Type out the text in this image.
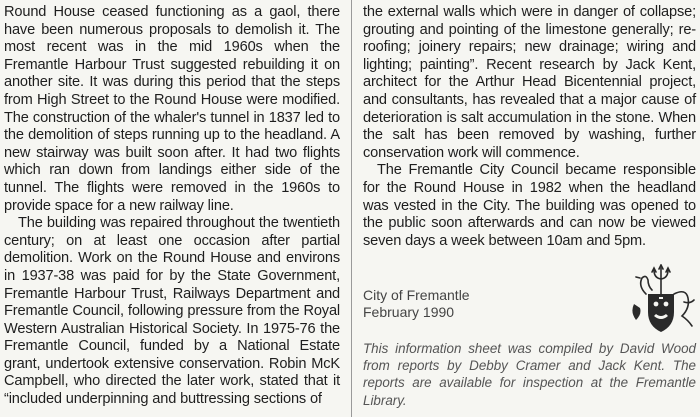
Round House ceased functioning as a gaol, there have been numerous proposals to demolish it. The most recent was in the mid 1960s when the Fremantle Harbour Trust suggested rebuilding it on another site. It was during this period that the steps from High Street to the Round House were modified. The construction of the whaler's tunnel in 1837 led to the demolition of steps running up to the headland. A new stairway was built soon after. It had two flights which ran down from landings either side of the tunnel. The flights were removed in the 1960s to provide space for a new railway line.

The building was repaired throughout the twentieth century; on at least one occasion after partial demolition. Work on the Round House and environs in 1937-38 was paid for by the State Government, Fremantle Harbour Trust, Railways Department and Fremantle Council, following pressure from the Royal Western Australian Historical Society. In 1975-76 the Fremantle Council, funded by a National Estate grant, undertook extensive conservation. Robin McK Campbell, who directed the later work, stated that it “included underpinning and buttressing sections of

the external walls which were in danger of collapse; grouting and pointing of the limestone generally; re-roofing; joinery repairs; new drainage; wiring and lighting; painting”. Recent research by Jack Kent, architect for the Arthur Head Bicentennial project, and consultants, has revealed that a major cause of deterioration is salt accumulation in the stone. When the salt has been removed by washing, further conservation work will commence.

The Fremantle City Council became responsible for the Round House in 1982 when the headland was vested in the City. The building was opened to the public soon afterwards and can now be viewed seven days a week between 10am and 5pm.

City of Fremantle
February 1990
This information sheet was compiled by David Wood from reports by Debby Cramer and Jack Kent. The reports are available for inspection at the Fremantle Library.
